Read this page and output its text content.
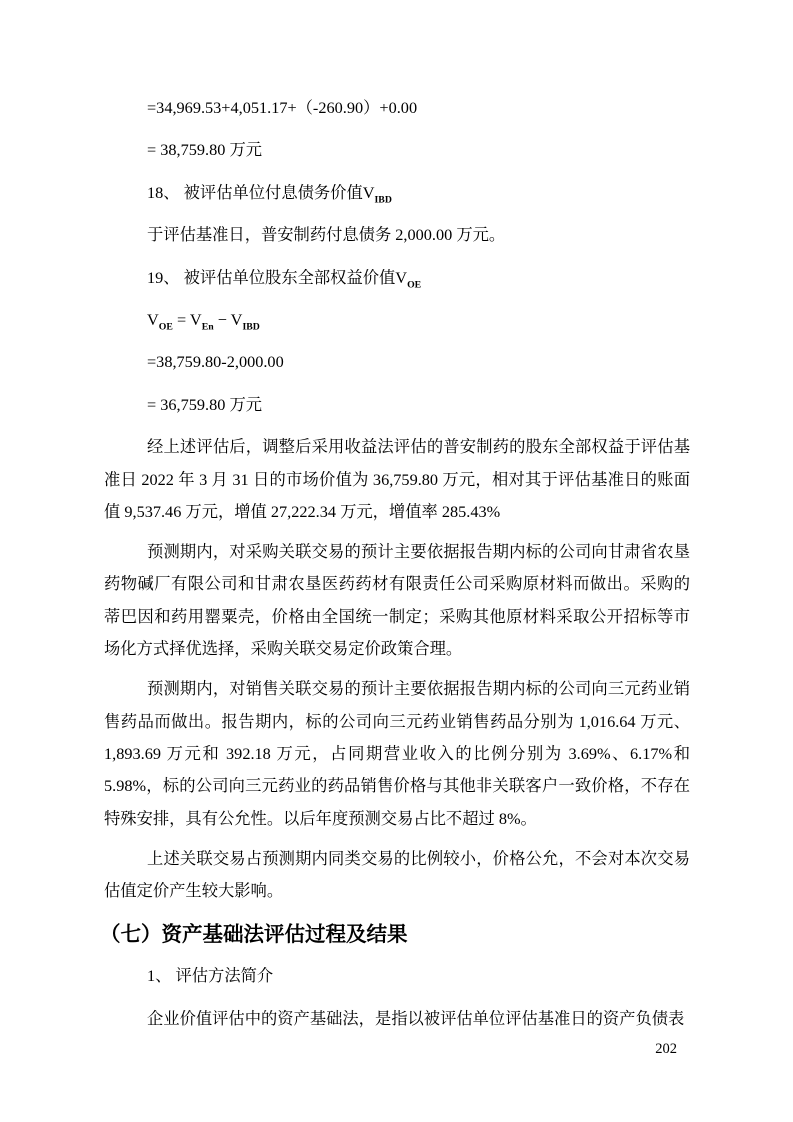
=34,969.53+4,051.17+（-260.90）+0.00

= 38,759.80 万元

18、 被评估单位付息债务价值$V_{IBD}$

于评估基准日，普安制药付息债务 2,000.00 万元。

19、 被评估单位股东全部权益价值$V_{OE}$

$V_{OE} = V_{En} - V_{IBD}$

=38,759.80-2,000.00

= 36,759.80 万元

经上述评估后，调整后采用收益法评估的普安制药的股东全部权益于评估基准日 2022 年 3 月 31 日的市场价值为 36,759.80 万元，相对其于评估基准日的账面值 9,537.46 万元，增值 27,222.34 万元，增值率 285.43%

预测期内，对采购关联交易的预计主要依据报告期内标的公司向甘肃省农垦药物碱厂有限公司和甘肃农垦医药药材有限责任公司采购原材料而做出。采购的蒂巴因和药用罂粟壳，价格由全国统一制定；采购其他原材料采取公开招标等市场化方式择优选择，采购关联交易定价政策合理。

预测期内，对销售关联交易的预计主要依据报告期内标的公司向三元药业销售药品而做出。报告期内，标的公司向三元药业销售药品分别为 1,016.64 万元、1,893.69 万元和 392.18 万元，占同期营业收入的比例分别为 3.69%、6.17%和 5.98%，标的公司向三元药业的药品销售价格与其他非关联客户一致价格，不存在特殊安排，具有公允性。以后年度预测交易占比不超过 8%。

上述关联交易占预测期内同类交易的比例较小，价格公允，不会对本次交易估值定价产生较大影响。

（七）资产基础法评估过程及结果

1、 评估方法简介

企业价值评估中的资产基础法，是指以被评估单位评估基准日的资产负债表

202
